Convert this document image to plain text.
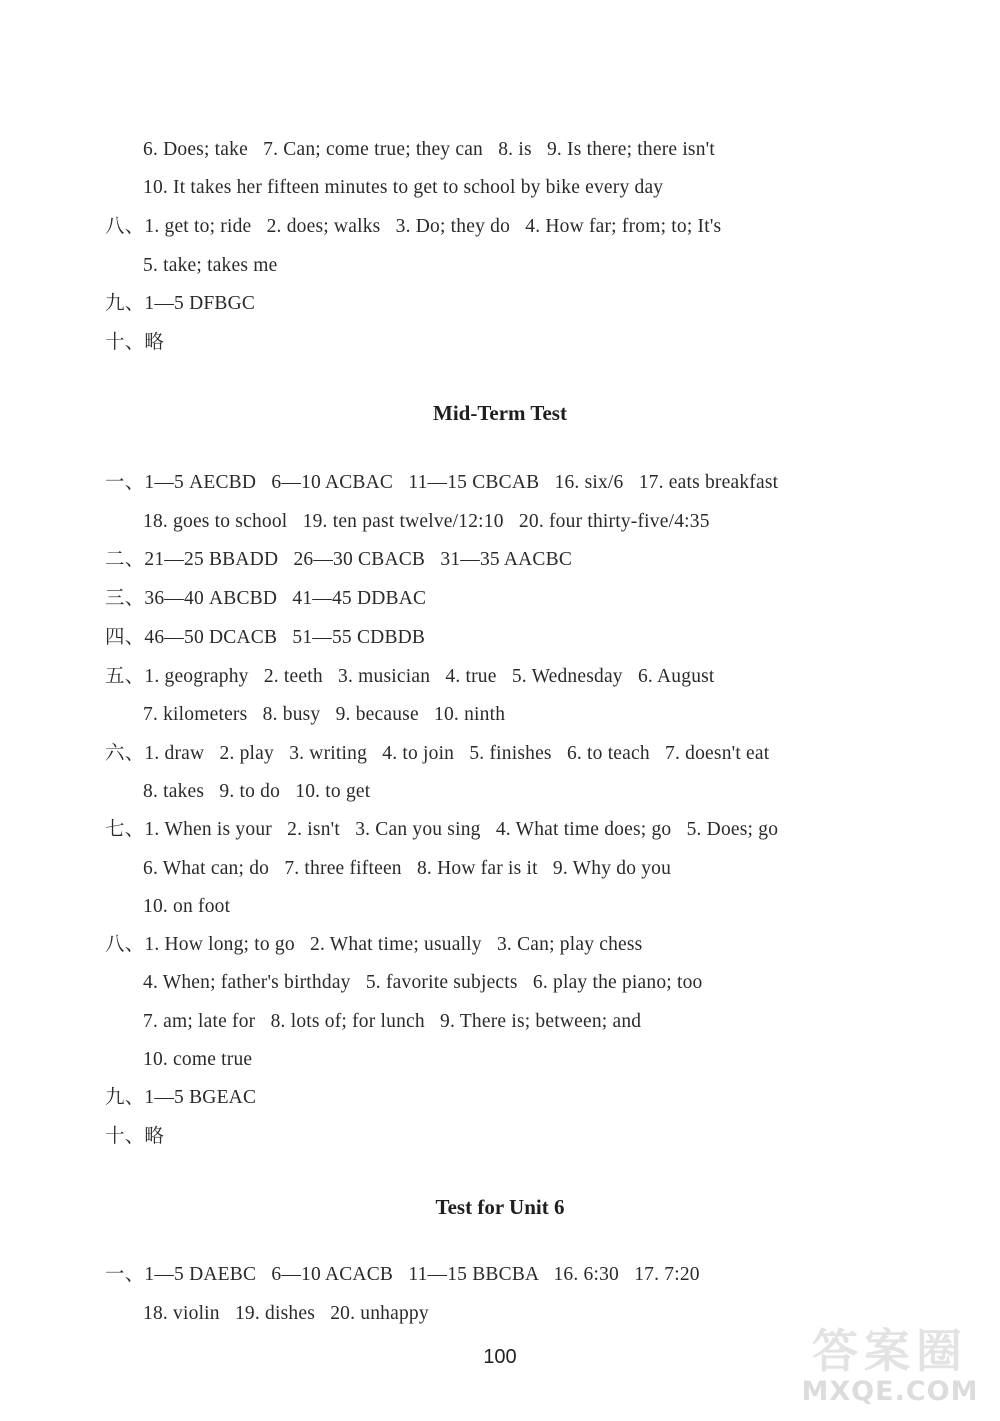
6. Does; take   7. Can; come true; they can   8. is   9. Is there; there isn't
10. It takes her fifteen minutes to get to school by bike every day
八、1. get to; ride   2. does; walks   3. Do; they do   4. How far; from; to; It's
5. take; takes me
九、1—5 DFBGC
十、略
Mid-Term Test
一、1—5 AECBD   6—10 ACBAC   11—15 CBCAB   16. six/6   17. eats breakfast
18. goes to school   19. ten past twelve/12:10   20. four thirty-five/4:35
二、21—25 BBADD   26—30 CBACB   31—35 AACBC
三、36—40 ABCBD   41—45 DDBAC
四、46—50 DCACB   51—55 CDBDB
五、1. geography   2. teeth   3. musician   4. true   5. Wednesday   6. August
7. kilometers   8. busy   9. because   10. ninth
六、1. draw   2. play   3. writing   4. to join   5. finishes   6. to teach   7. doesn't eat
8. takes   9. to do   10. to get
七、1. When is your   2. isn't   3. Can you sing   4. What time does; go   5. Does; go
6. What can; do   7. three fifteen   8. How far is it   9. Why do you
10. on foot
八、1. How long; to go   2. What time; usually   3. Can; play chess
4. When; father's birthday   5. favorite subjects   6. play the piano; too
7. am; late for   8. lots of; for lunch   9. There is; between; and
10. come true
九、1—5 BGEAC
十、略
Test for Unit 6
一、1—5 DAEBC   6—10 ACACB   11—15 BBCBA   16. 6:30   17. 7:20
18. violin   19. dishes   20. unhappy
100	答案圈
MXQE.COM
